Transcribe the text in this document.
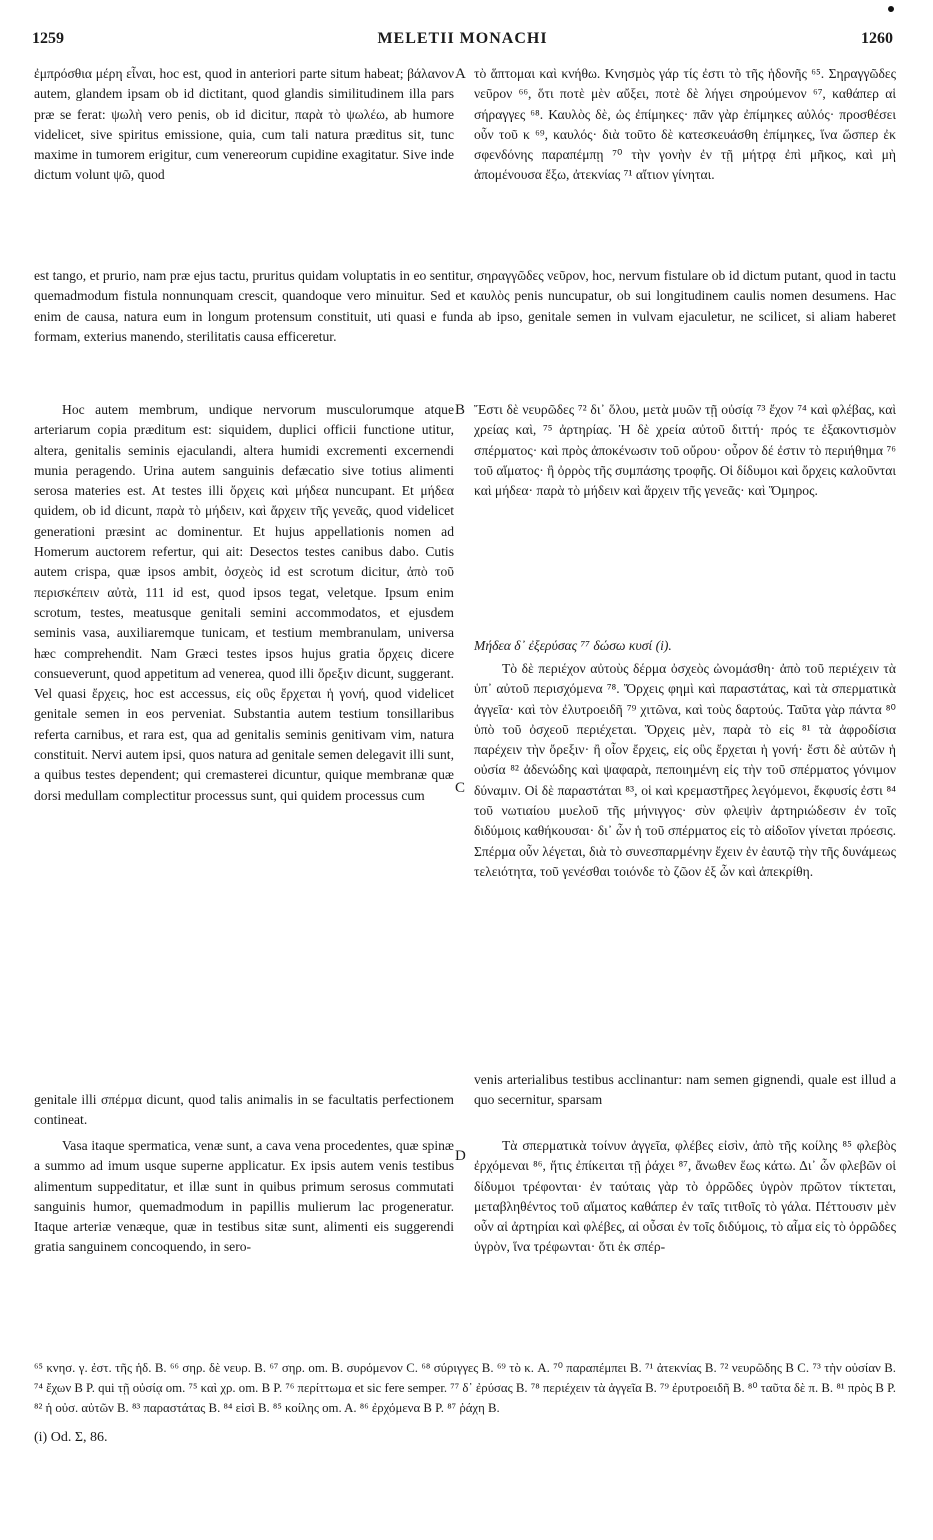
1259	MELETII MONACHI	1260

ἐμπρόσθια μέρη εἶναι, hoc est, quod in anteriori parte situm habeat; βάλανον autem, glandem ipsam ob id dictitant, quod glandis similitudinem illa pars præ se ferat: ψωλὴ vero penis, ob id dicitur, παρὰ τὸ ψωλέω, ab humore videlicet, sive spiritus emissione, quia, cum tali natura præditus sit, tunc maxime in tumorem erigitur, cum venereorum cupidine exagitatur. Sive inde dictum volunt ψῶ, quod

A τὸ ἅπτομαι καὶ κνήθω. Κνησμὸς γάρ τίς ἐστι τὸ τῆς ἡδονῆς ⁶⁵. Σηραγγῶδες νεῦρον ⁶⁶, ὅτι ποτὲ μὲν αὔξει, ποτὲ δὲ λήγει σηρούμενον ⁶⁷, καθάπερ αἱ σήραγγες ⁶⁸. Καυλὸς δὲ, ὡς ἐπίμηκες· πᾶν γὰρ ἐπίμηκες αὐλός· προσθέσει οὖν τοῦ κ ⁶⁹, καυλός· διὰ τοῦτο δὲ κατεσκευάσθη ἐπίμηκες, ἵνα ὥσπερ ἐκ σφενδόνης παραπέμπῃ ⁷⁰ τὴν γονὴν ἐν τῇ μήτρᾳ ἐπὶ μῆκος, καὶ μὴ ἀπομένουσα ἔξω, ἀτεκνίας ⁷¹ αἴτιον γίνηται.

est tango, et prurio, nam præ ejus tactu, pruritus quidam voluptatis in eo sentitur, σηραγγῶδες νεῦρον, hoc, nervum fistulare ob id dictum putant, quod in tactu quemadmodum fistula nonnunquam crescit, quandoque vero minuitur. Sed et καυλὸς penis nuncupatur, ob sui longitudinem caulis nomen desumens. Hac enim de causa, natura eum in longum protensum constituit, uti quasi e funda ab ipso, genitale semen in vulvam ejaculetur, ne scilicet, si aliam haberet formam, exterius manendo, sterilitatis causa efficeretur.

Hoc autem membrum, undique nervorum musculorumque atque arteriarum copia præditum est: siquidem, duplici officii functione utitur, altera, genitalis seminis ejaculandi, altera humidi excrementi excernendi munia peragendo. Urina autem sanguinis defæcatio sive totius alimenti serosa materies est. At testes illi ὄρχεις καὶ μήδεα nuncupant. Et μήδεα quidem, ob id dicunt, παρὰ τὸ μήδειν, καὶ ἄρχειν τῆς γενεᾶς, quod videlicet generationi præsint ac dominentur. Et hujus appellationis nomen ad Homerum auctorem refertur, qui ait: Desectos testes canibus dabo. Cutis autem crispa, quæ ipsos ambit, ὀσχεὸς id est scrotum dicitur, ἀπὸ τοῦ περισκέπειν αὐτὰ, 111 id est, quod ipsos tegat, veletque. Ipsum enim scrotum, testes, meatusque genitali semini accommodatos, et ejusdem seminis vasa, auxiliaremque tunicam, et testium membranulam, universa hæc comprehendit. Nam Græci testes ipsos hujus gratia ὄρχεις dicere consueverunt, quod appetitum ad venerea, quod illi ὄρεξιν dicunt, suggerant. Vel quasi ἔρχεις, hoc est accessus, εἰς οὓς ἔρχεται ἡ γονή, quod videlicet genitale semen in eos perveniat. Substantia autem testium tonsillaribus referta carnibus, et rara est, qua ad genitalis seminis genitivam vim, natura constituit. Nervi autem ipsi, quos natura ad genitale semen delegavit illi sunt, a quibus testes dependent; qui cremasterei dicuntur, quique membranæ quæ dorsi medullam complectitur processus sunt, qui quidem processus cum

B Ἔστι δὲ νευρῶδες ⁷² δι᾽ ὅλου, μετὰ μυῶν τῇ οὐσίᾳ ⁷³ ἔχον ⁷⁴ καὶ φλέβας, καὶ χρείας καὶ, ⁷⁵ ἀρτηρίας. Ἡ δὲ χρεία αὐτοῦ διττή· πρός τε ἐξακοντισμὸν σπέρματος· καὶ πρὸς ἀποκένωσιν τοῦ οὔρου· οὖρον δέ ἐστιν τὸ περιήθημα ⁷⁶ τοῦ αἵματος· ἢ ὀρρὸς τῆς συμπάσης τροφῆς. Οἱ δίδυμοι καὶ ὄρχεις καλοῦνται καὶ μήδεα· παρὰ τὸ μήδειν καὶ ἄρχειν τῆς γενεᾶς· καὶ Ὅμηρος.

Μήδεα δ᾽ ἐξερύσας ⁷⁷ δώσω κυσί (i).

C

Τὸ δὲ περιέχον αὐτοὺς δέρμα ὀσχεὸς ὠνομάσθη· ἀπὸ τοῦ περιέχειν τὰ ὑπ᾽ αὐτοῦ περισχόμενα ⁷⁸. Ὄρχεις φημὶ καὶ παραστάτας, καὶ τὰ σπερματικὰ ἀγγεῖα· καὶ τὸν ἐλυτροειδῆ ⁷⁹ χιτῶνα, καὶ τοὺς δαρτούς. Ταῦτα γὰρ πάντα ⁸⁰ ὑπὸ τοῦ ὀσχεοῦ περιέχεται. Ὄρχεις μὲν, παρὰ τὸ εἰς ⁸¹ τὰ ἀφροδίσια παρέχειν τὴν ὄρεξιν· ἢ οἷον ἔρχεις, εἰς οὓς ἔρχεται ἡ γονή· ἔστι δὲ αὐτῶν ἡ οὐσία ⁸² ἀδενώδης καὶ ψαφαρὰ, πεποιημένη εἰς τὴν τοῦ σπέρματος γόνιμον δύναμιν. Οἱ δὲ παραστάται ⁸³, οἱ καὶ κρεμαστῆρες λεγόμενοι, ἔκφυσίς ἐστι ⁸⁴ τοῦ νωτιαίου μυελοῦ τῆς μήνιγγος· σὺν φλεψὶν ἀρτηριώδεσιν ἐν τοῖς διδύμοις καθήκουσαι· δι᾽ ὧν ἡ τοῦ σπέρματος εἰς τὸ αἰδοῖον γίνεται πρόεσις. Σπέρμα οὖν λέγεται, διὰ τὸ συνεσπαρμένην ἔχειν ἐν ἑαυτῷ τὴν τῆς δυνάμεως τελειότητα, τοῦ γενέσθαι τοιόνδε τὸ ζῶον ἐξ ὧν καὶ ἀπεκρίθη.

genitale illi σπέρμα dicunt, quod talis animalis in se facultatis perfectionem contineat.

venis arterialibus testibus acclinantur: nam semen gignendi, quale est illud a quo secernitur, sparsam

Vasa itaque spermatica, venæ sunt, a cava vena procedentes, quæ spinæ a summo ad imum usque superne applicatur. Ex ipsis autem venis testibus alimentum suppeditatur, et illæ sunt in quibus primum serosus commutati sanguinis humor, quemadmodum in papillis mulierum lac progeneratur. Itaque arteriæ venæque, quæ in testibus sitæ sunt, alimenti eis suggerendi gratia sanguinem concoquendo, in sero-

D

Τὰ σπερματικὰ τοίνυν ἀγγεῖα, φλέβες εἰσὶν, ἀπὸ τῆς κοίλης ⁸⁵ φλεβὸς ἐρχόμεναι ⁸⁶, ἥτις ἐπίκειται τῇ ῥάχει ⁸⁷, ἄνωθεν ἕως κάτω. Δι᾽ ὧν φλεβῶν οἱ δίδυμοι τρέφονται· ἐν ταύταις γὰρ τὸ ὀρρῶδες ὑγρὸν πρῶτον τίκτεται, μεταβληθέντος τοῦ αἵματος καθάπερ ἐν ταῖς τιτθοῖς τὸ γάλα. Πέττουσιν μὲν οὖν αἱ ἀρτηρίαι καὶ φλέβες, αἱ οὖσαι ἐν τοῖς διδύμοις, τὸ αἷμα εἰς τὸ ὀρρῶδες ὑγρὸν, ἵνα τρέφωνται· ὅτι ἐκ σπέρ-

⁶⁵ κνησ. γ. ἐστ. τῆς ἡδ. B. ⁶⁶ σηρ. δὲ νευρ. B. ⁶⁷ σηρ. om. B. συρόμενον C. ⁶⁸ σύριγγες B. ⁶⁹ τὸ κ. A. ⁷⁰ παραπέμπει B. ⁷¹ ἀτεκνίας B. ⁷² νευρῶδης B C. ⁷³ τὴν οὐσίαν B. ⁷⁴ ἔχων B P. qui τῇ οὐσίᾳ om. ⁷⁵ καὶ χρ. om. B P. ⁷⁶ περίττωμα et sic fere semper. ⁷⁷ δ᾽ ἐρύσας B. ⁷⁸ περιέχειν τὰ ἀγγεῖα B. ⁷⁹ ἐρυτροειδῆ B. ⁸⁰ ταῦτα δὲ π. B. ⁸¹ πρὸς B P. ⁸² ἡ οὐσ. αὐτῶν B. ⁸³ παραστάτας B. ⁸⁴ εἰσὶ B. ⁸⁵ κοίλης om. A. ⁸⁶ ἐρχόμενα B P. ⁸⁷ ῥάχη B.

(i) Od. Σ, 86.
